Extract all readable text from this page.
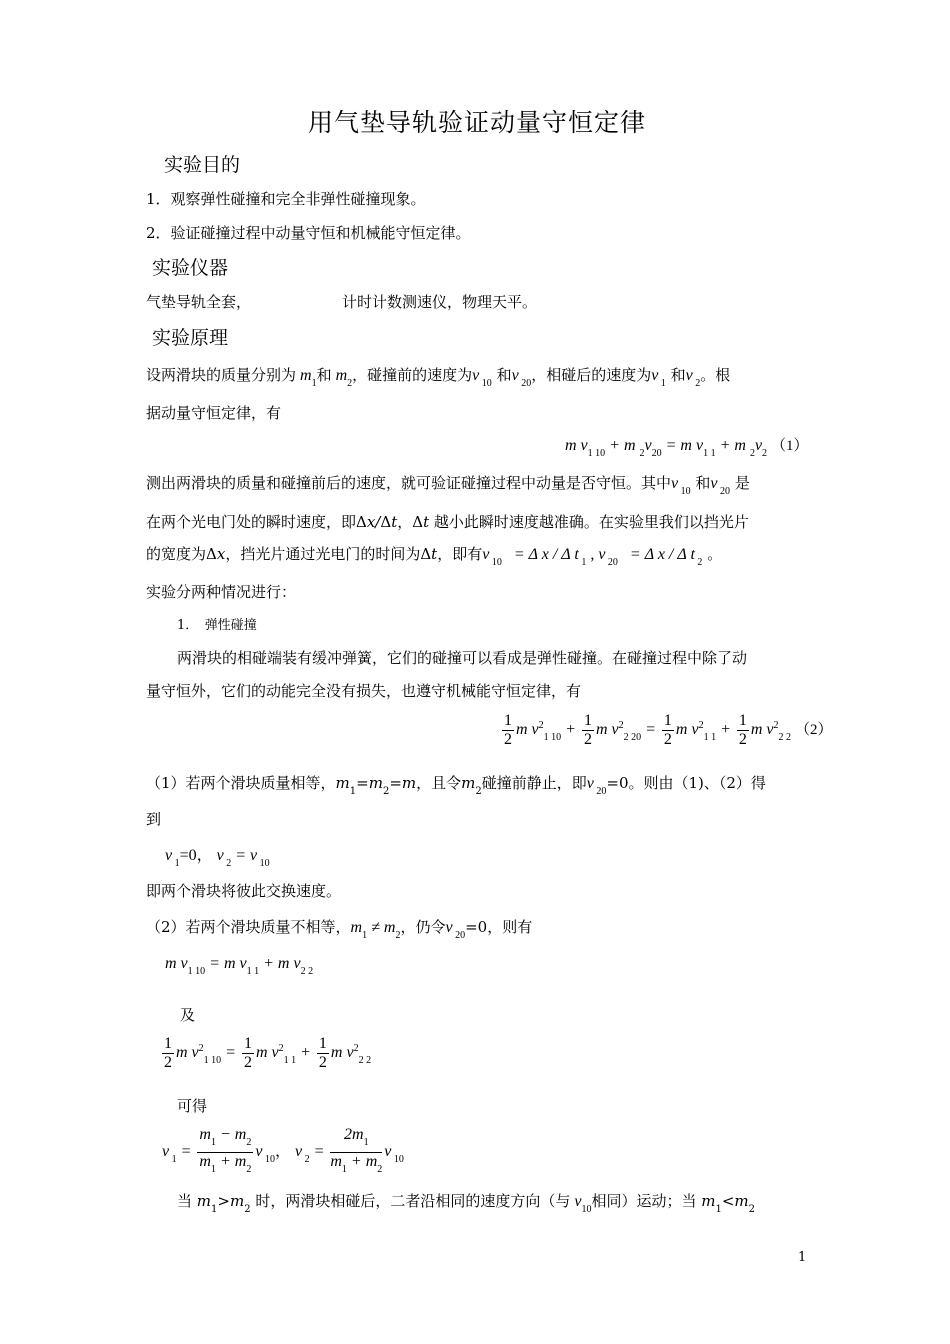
用气垫导轨验证动量守恒定律
实验目的
1．观察弹性碰撞和完全非弹性碰撞现象。
2．验证碰撞过程中动量守恒和机械能守恒定律。
实验仪器
气垫导轨全套，	计时计数测速仪，物理天平。
实验原理
设两滑块的质量分别为 $m_1$和 $m_2$，碰撞前的速度为v $_{10}$ 和v $_{20}$，相碰后的速度为v $_1$ 和v $_2$。根
据动量守恒定律，有
m $v_{1 10} + m$ $_2v_{20} = m$ $v_{1 1} + m$ $_2v_2$ （1）
测出两滑块的质量和碰撞前后的速度，就可验证碰撞过程中动量是否守恒。其中v $_{10}$ 和v $_{20}$ 是
在两个光电门处的瞬时速度，即Δx/Δt，Δt 越小此瞬时速度越准确。在实验里我们以挡光片
的宽度为Δx，挡光片通过光电门的时间为Δt，即有v $_{10}$   = Δ x / Δ t $_1$ , v $_{20}$   = Δ x / Δ t $_2$ 。
实验分两种情况进行：
1．　弹性碰撞
两滑块的相碰端装有缓冲弹簧，它们的碰撞可以看成是弹性碰撞。在碰撞过程中除了动
量守恒外，它们的动能完全没有损失，也遵守机械能守恒定律，有
$\frac{1}{2}$ m $v^2_{1 10} + \frac{1}{2}$ m $v^2_{2 20} = \frac{1}{2}$ m $v^2_{1 1} + \frac{1}{2}$ m $v^2_{2 2}$ （2）
（1）若两个滑块质量相等，$m_1=m_2=m$，且令$m_2$碰撞前静止，即v $_{20}$=0。则由（1)、（2）得
到
v $_1$=0， v $_2$ = v $_{10}$
即两个滑块将彼此交换速度。
（2）若两个滑块质量不相等，$m_1 \ne m_2$，仍令v $_{20}$=0，则有
m $v_{1 10} = m$ $v_{1 1} + m$ $v_{2 2}$
及
$\frac{1}{2}$ m $v^2_{1 10} = \frac{1}{2}$ m $v^2_{1 1} + \frac{1}{2}$ m $v^2_{2 2}$
可得
v $_1 = \frac{m_1 - m_2}{m_1 + m_2}$ v $_{10}$， v $_2 = \frac{2m_1}{m_1 + m_2}$ v $_{10}$
当 $m_1>m_2$ 时，两滑块相碰后，二者沿相同的速度方向（与 $v_{10}$相同）运动；当 $m_1<m_2$
1
